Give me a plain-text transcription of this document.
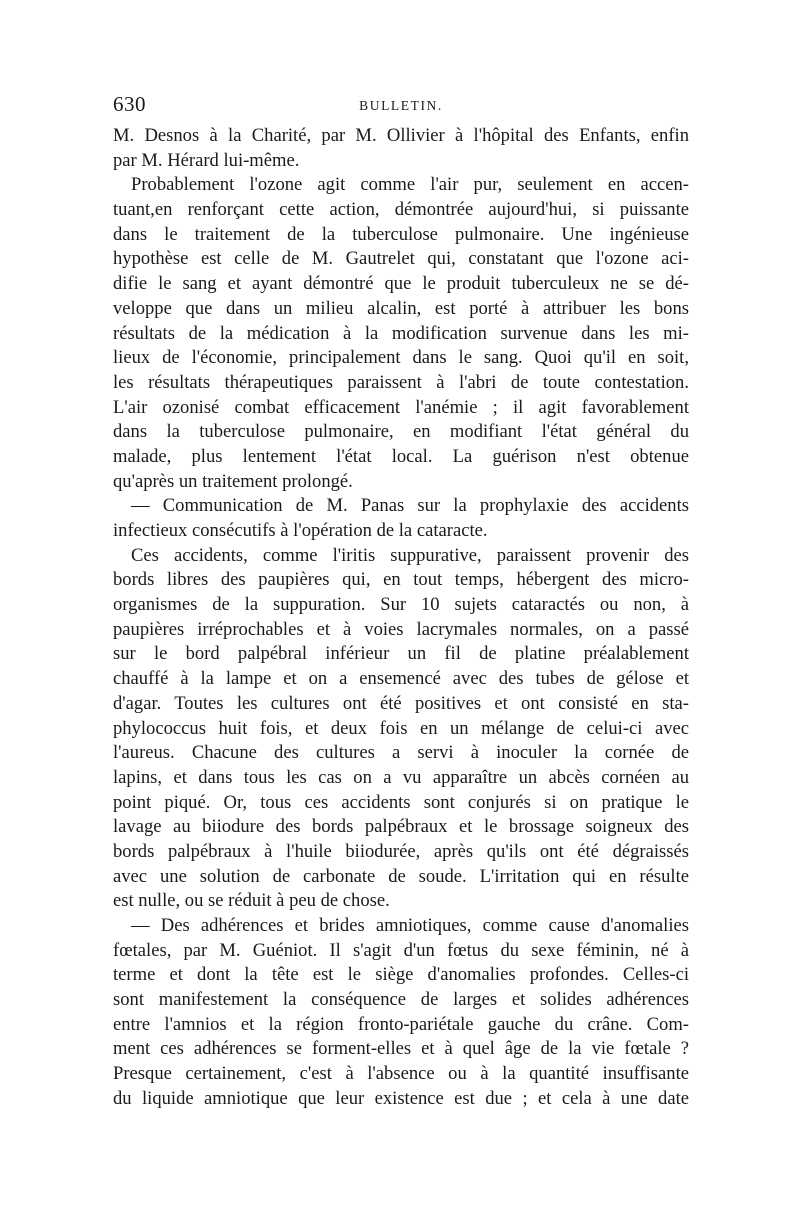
630	BULLETIN.
M. Desnos à la Charité, par M. Ollivier à l'hôpital des Enfants, enfin
par M. Hérard lui-même.
Probablement l'ozone agit comme l'air pur, seulement en accen-
tuant,en renforçant cette action, démontrée aujourd'hui, si puissante
dans le traitement de la tuberculose pulmonaire. Une ingénieuse
hypothèse est celle de M. Gautrelet qui, constatant que l'ozone aci-
difie le sang et ayant démontré que le produit tuberculeux ne se dé-
veloppe que dans un milieu alcalin, est porté à attribuer les bons
résultats de la médication à la modification survenue dans les mi-
lieux de l'économie, principalement dans le sang. Quoi qu'il en soit,
les résultats thérapeutiques paraissent à l'abri de toute contestation.
L'air ozonisé combat efficacement l'anémie ; il agit favorablement
dans la tuberculose pulmonaire, en modifiant l'état général du
malade, plus lentement l'état local. La guérison n'est obtenue
qu'après un traitement prolongé.
— Communication de M. Panas sur la prophylaxie des accidents
infectieux consécutifs à l'opération de la cataracte.
Ces accidents, comme l'iritis suppurative, paraissent provenir des
bords libres des paupières qui, en tout temps, hébergent des micro-
organismes de la suppuration. Sur 10 sujets cataractés ou non, à
paupières irréprochables et à voies lacrymales normales, on a passé
sur le bord palpébral inférieur un fil de platine préalablement
chauffé à la lampe et on a ensemencé avec des tubes de gélose et
d'agar. Toutes les cultures ont été positives et ont consisté en sta-
phylococcus huit fois, et deux fois en un mélange de celui-ci avec
l'aureus. Chacune des cultures a servi à inoculer la cornée de
lapins, et dans tous les cas on a vu apparaître un abcès cornéen au
point piqué. Or, tous ces accidents sont conjurés si on pratique le
lavage au biiodure des bords palpébraux et le brossage soigneux des
bords palpébraux à l'huile biiodurée, après qu'ils ont été dégraissés
avec une solution de carbonate de soude. L'irritation qui en résulte
est nulle, ou se réduit à peu de chose.
— Des adhérences et brides amniotiques, comme cause d'anomalies
fœtales, par M. Guéniot. Il s'agit d'un fœtus du sexe féminin, né à
terme et dont la tête est le siège d'anomalies profondes. Celles-ci
sont manifestement la conséquence de larges et solides adhérences
entre l'amnios et la région fronto-pariétale gauche du crâne. Com-
ment ces adhérences se forment-elles et à quel âge de la vie fœtale ?
Presque certainement, c'est à l'absence ou à la quantité insuffisante
du liquide amniotique que leur existence est due ; et cela à une date
